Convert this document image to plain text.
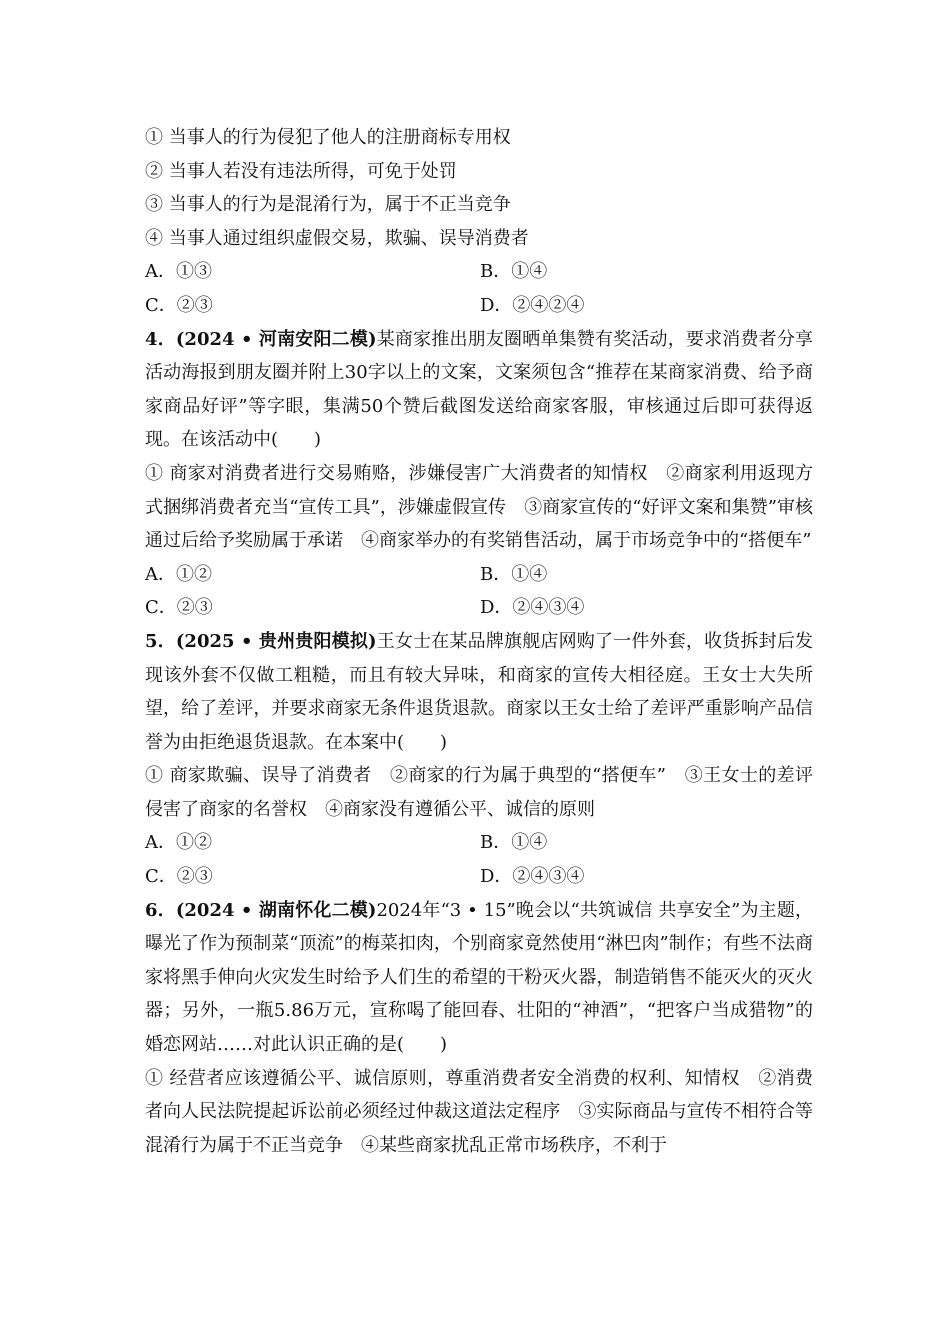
① 当事人的行为侵犯了他人的注册商标专用权
② 当事人若没有违法所得，可免于处罚
③ 当事人的行为是混淆行为，属于不正当竞争
④ 当事人通过组织虚假交易，欺骗、误导消费者
A．①③	B．①④
C．②③	D．②④②④
4．(2024 • 河南安阳二模)某商家推出朋友圈晒单集赞有奖活动，要求消费者分享活动海报到朋友圈并附上30字以上的文案，文案须包含“推荐在某商家消费、给予商家商品好评”等字眼，集满50个赞后截图发送给商家客服，审核通过后即可获得返现。在该活动中(　　)
① 商家对消费者进行交易贿赂，涉嫌侵害广大消费者的知情权　②商家利用返现方式捆绑消费者充当“宣传工具”，涉嫌虚假宣传　③商家宣传的“好评文案和集赞”审核通过后给予奖励属于承诺　④商家举办的有奖销售活动，属于市场竞争中的“搭便车”
A．①②	B．①④
C．②③	D．②④③④
5．(2025 • 贵州贵阳模拟)王女士在某品牌旗舰店网购了一件外套，收货拆封后发现该外套不仅做工粗糙，而且有较大异味，和商家的宣传大相径庭。王女士大失所望，给了差评，并要求商家无条件退货退款。商家以王女士给了差评严重影响产品信誉为由拒绝退货退款。在本案中(　　)
① 商家欺骗、误导了消费者　②商家的行为属于典型的“搭便车”　③王女士的差评侵害了商家的名誉权　④商家没有遵循公平、诚信的原则
A．①②	B．①④
C．②③	D．②④③④
6．(2024 • 湖南怀化二模)2024年“3 • 15”晚会以“共筑诚信 共享安全”为主题，曝光了作为预制菜“顶流”的梅菜扣肉，个别商家竟然使用“淋巴肉”制作；有些不法商家将黑手伸向火灾发生时给予人们生的希望的干粉灭火器，制造销售不能灭火的灭火器；另外，一瓶5.86万元，宣称喝了能回春、壮阳的“神酒”，“把客户当成猎物”的婚恋网站……对此认识正确的是(　　)
① 经营者应该遵循公平、诚信原则，尊重消费者安全消费的权利、知情权　②消费者向人民法院提起诉讼前必须经过仲裁这道法定程序　③实际商品与宣传不相符合等混淆行为属于不正当竞争　④某些商家扰乱正常市场秩序，不利于
